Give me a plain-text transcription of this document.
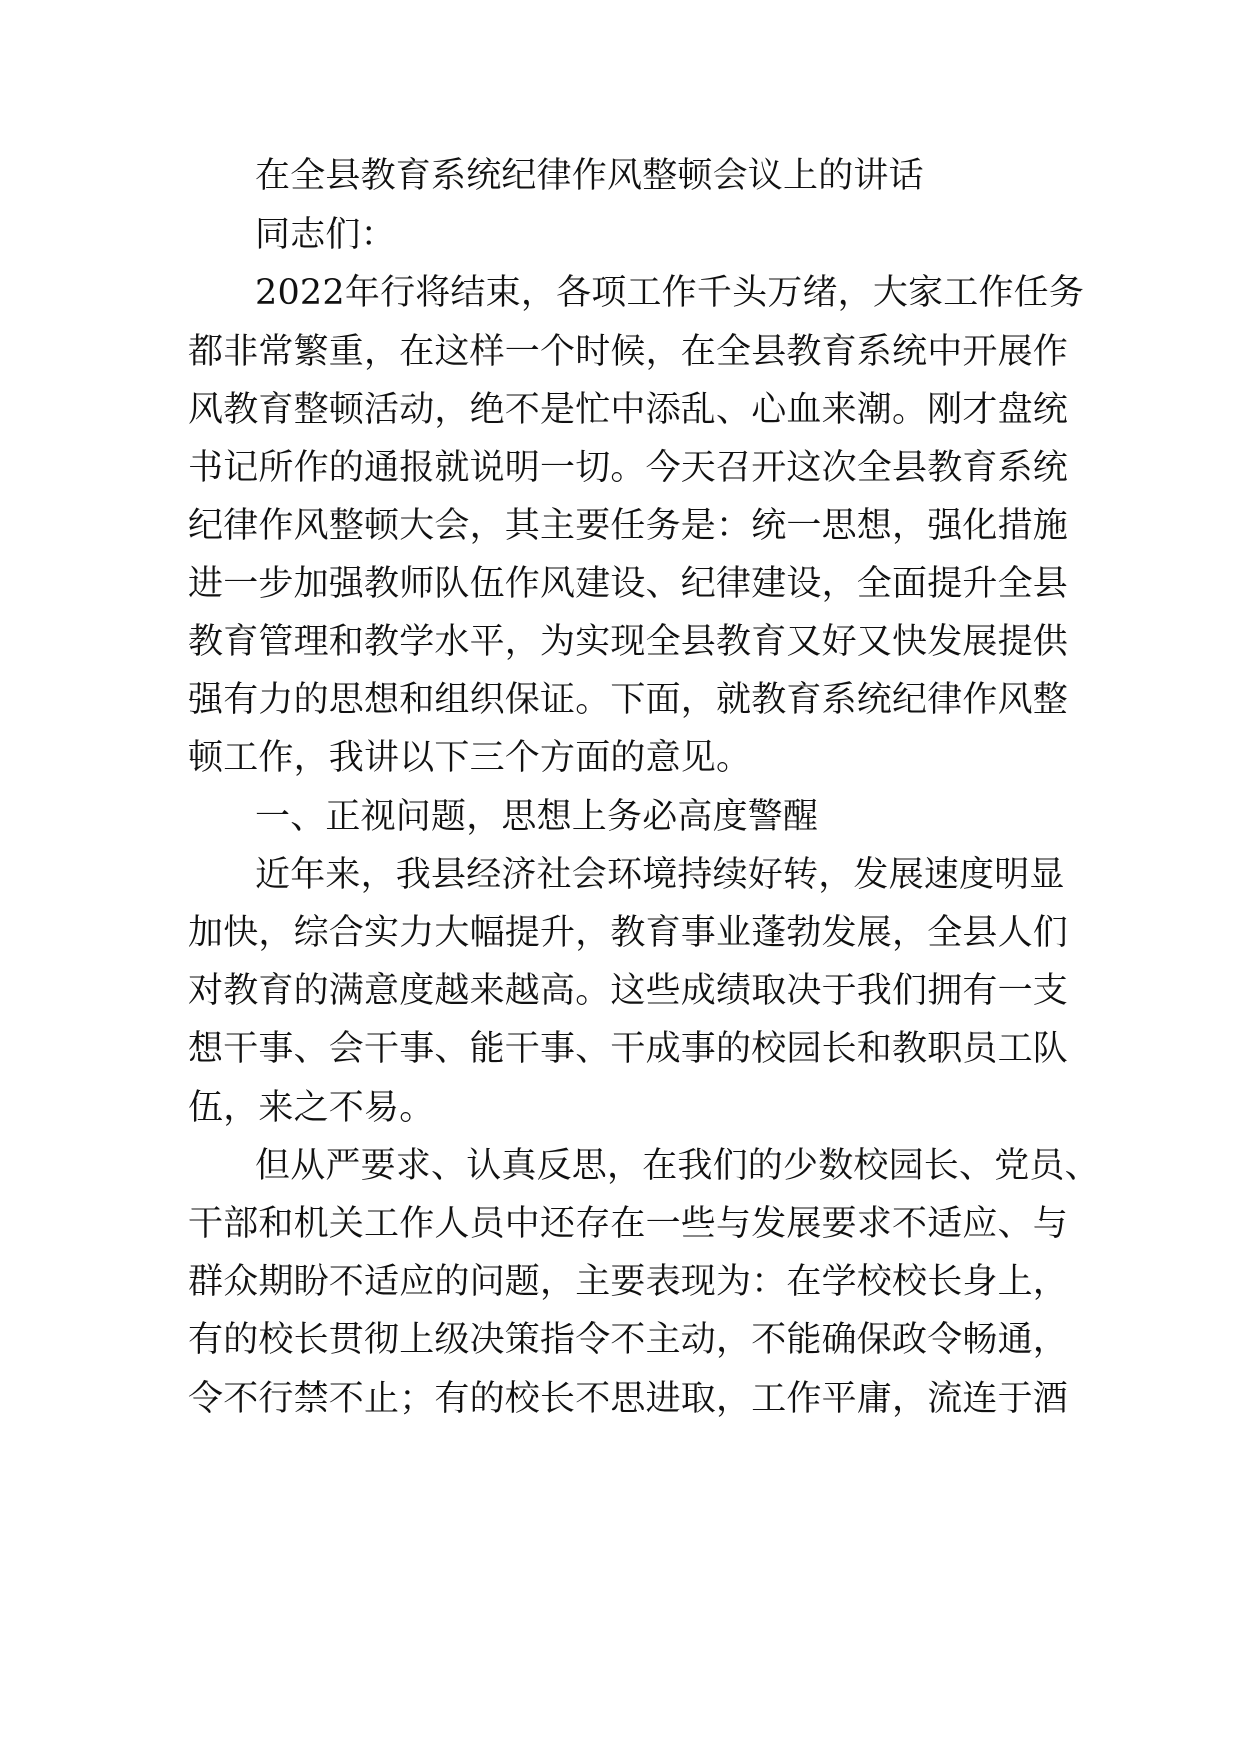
在全县教育系统纪律作风整顿会议上的讲话

同志们：

2022年行将结束，各项工作千头万绪，大家工作任务

都非常繁重，在这样一个时候，在全县教育系统中开展作

风教育整顿活动，绝不是忙中添乱、心血来潮。刚才盘统

书记所作的通报就说明一切。今天召开这次全县教育系统

纪律作风整顿大会，其主要任务是：统一思想，强化措施

进一步加强教师队伍作风建设、纪律建设，全面提升全县

教育管理和教学水平，为实现全县教育又好又快发展提供

强有力的思想和组织保证。下面，就教育系统纪律作风整

顿工作，我讲以下三个方面的意见。

一、正视问题，思想上务必高度警醒

近年来，我县经济社会环境持续好转，发展速度明显

加快，综合实力大幅提升，教育事业蓬勃发展，全县人们

对教育的满意度越来越高。这些成绩取决于我们拥有一支

想干事、会干事、能干事、干成事的校园长和教职员工队

伍，来之不易。

但从严要求、认真反思，在我们的少数校园长、党员、

干部和机关工作人员中还存在一些与发展要求不适应、与

群众期盼不适应的问题，主要表现为：在学校校长身上，

有的校长贯彻上级决策指令不主动，不能确保政令畅通，

令不行禁不止；有的校长不思进取，工作平庸，流连于酒
